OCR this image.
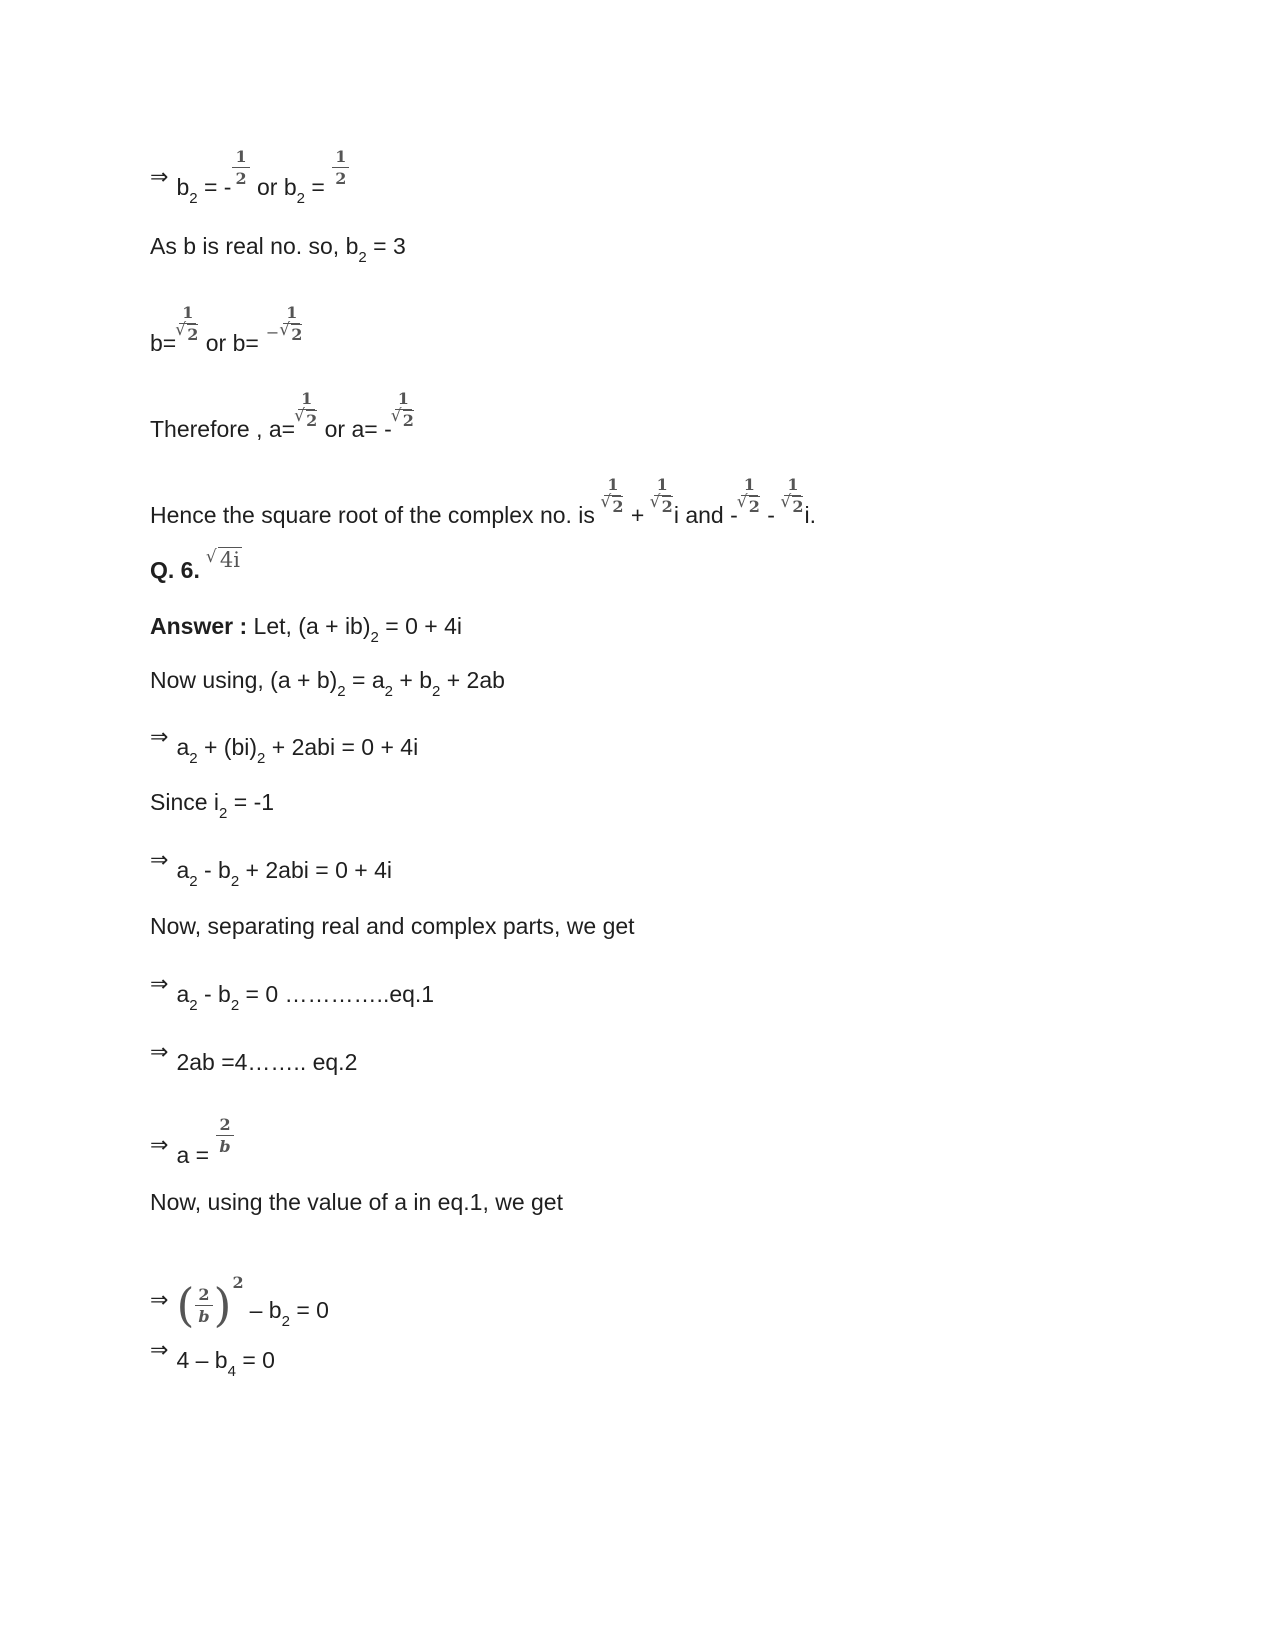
⇒ $b^2$ = - $\frac{1}{2}$ or $b^2 = \frac{1}{2}$
As b is real no. so, $b^2 = 3$
b= 1
√ 2 or b= − 1
√ 2
Therefore , a= 1
√ 2 or a= - 1
√ 2
Hence the square root of the complex no. is 1
√ 2 + 1
√ 2 i and - 1
√ 2 - 1
√ 2 i.
Q. 6.
√ 4i
Answer : Let, (a + ib)$^2$ = 0 + 4i
Now using, $(a + b)^2 = a^2 + b^2 + 2ab$
⇒ $a^2 + (bi)^2 + 2abi = 0 + 4i$
Since $i^2 = -1$
⇒ $a^2 - b^2 + 2abi = 0 + 4i$
Now, separating real and complex parts, we get
⇒ $a^2 - b^2 = 0$ …………..eq.1
⇒ 2ab =4…….. eq.2
⇒ $a = \frac{2}{b}$
Now, using the value of a in eq.1, we get
⇒ ( $\frac{2}{b}$ ) 2
– $b^2 = 0$
⇒ $4 - b^4 = 0$
